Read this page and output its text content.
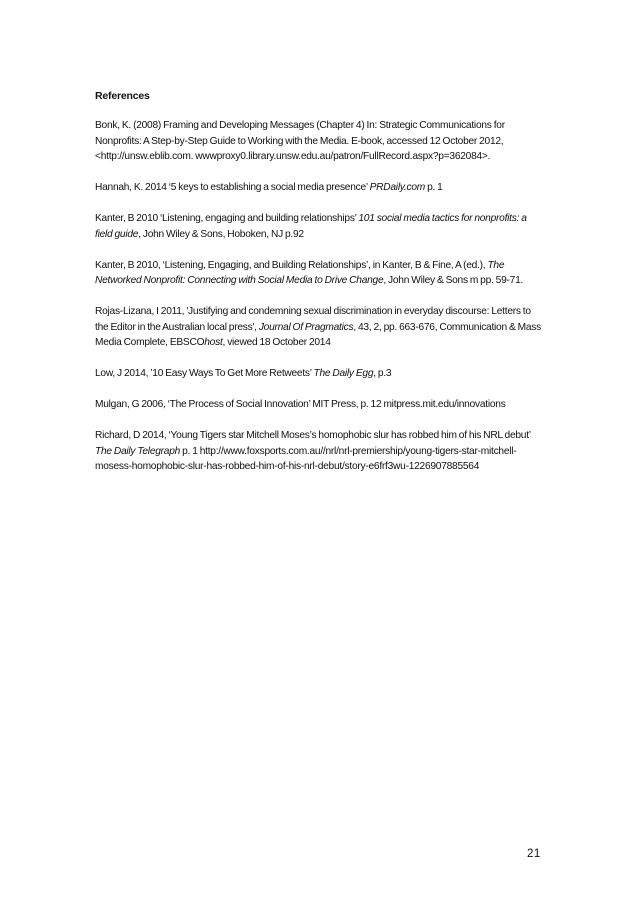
References

Bonk, K. (2008) Framing and Developing Messages (Chapter 4) In: Strategic Communications for Nonprofits: A Step-by-Step Guide to Working with the Media. E-book, accessed 12 October 2012, <http://unsw.eblib.com. wwwproxy0.library.unsw.edu.au/patron/FullRecord.aspx?p=362084>.

Hannah, K. 2014 ‘5 keys to establishing a social media presence’ PRDaily.com p. 1

Kanter, B 2010 ‘Listening, engaging and building relationships’ 101 social media tactics for nonprofits: a field guide, John Wiley & Sons, Hoboken, NJ p.92

Kanter, B 2010, ‘Listening, Engaging, and Building Relationships’, in Kanter, B & Fine, A (ed.), The Networked Nonprofit: Connecting with Social Media to Drive Change, John Wiley & Sons m pp. 59-71.

Rojas-Lizana, I 2011, 'Justifying and condemning sexual discrimination in everyday discourse: Letters to the Editor in the Australian local press', Journal Of Pragmatics, 43, 2, pp. 663-676, Communication & Mass Media Complete, EBSCOhost, viewed 18 October 2014

Low, J 2014, ’10 Easy Ways To Get More Retweets’ The Daily Egg, p.3

Mulgan, G 2006, ‘The Process of Social Innovation’ MIT Press, p. 12 mitpress.mit.edu/innovations

Richard, D 2014, ‘Young Tigers star Mitchell Moses’s homophobic slur has robbed him of his NRL debut’ The Daily Telegraph p. 1 http://www.foxsports.com.au//nrl/nrl-premiership/young-tigers-star-mitchell-mosess-homophobic-slur-has-robbed-him-of-his-nrl-debut/story-e6frf3wu-1226907885564

21
